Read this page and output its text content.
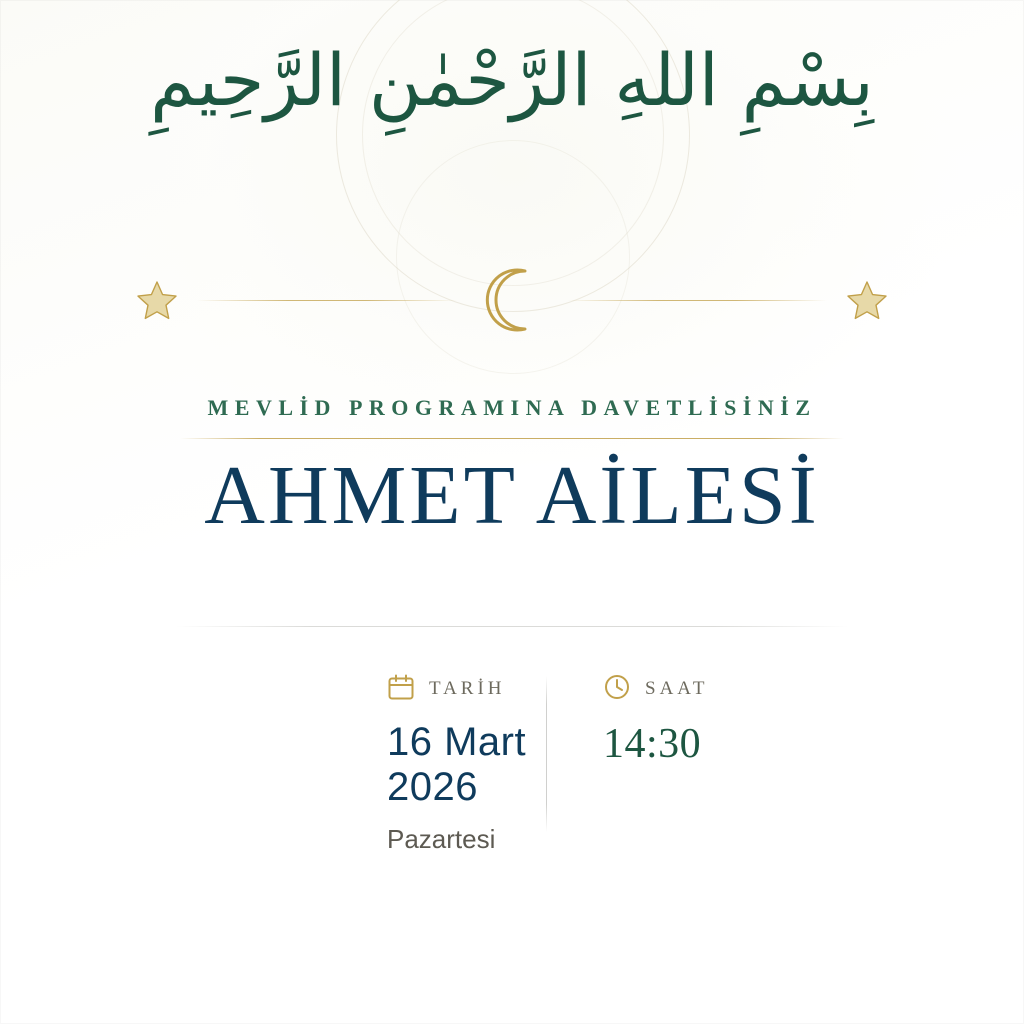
بِسْمِ اللهِ الرَّحْمٰنِ الرَّحِيمِ
MEVLİD PROGRAMINA DAVETLİSİNİZ
AHMET AİLESİ
TARİH
16 Mart 2026
Pazartesi
SAAT
14:30
